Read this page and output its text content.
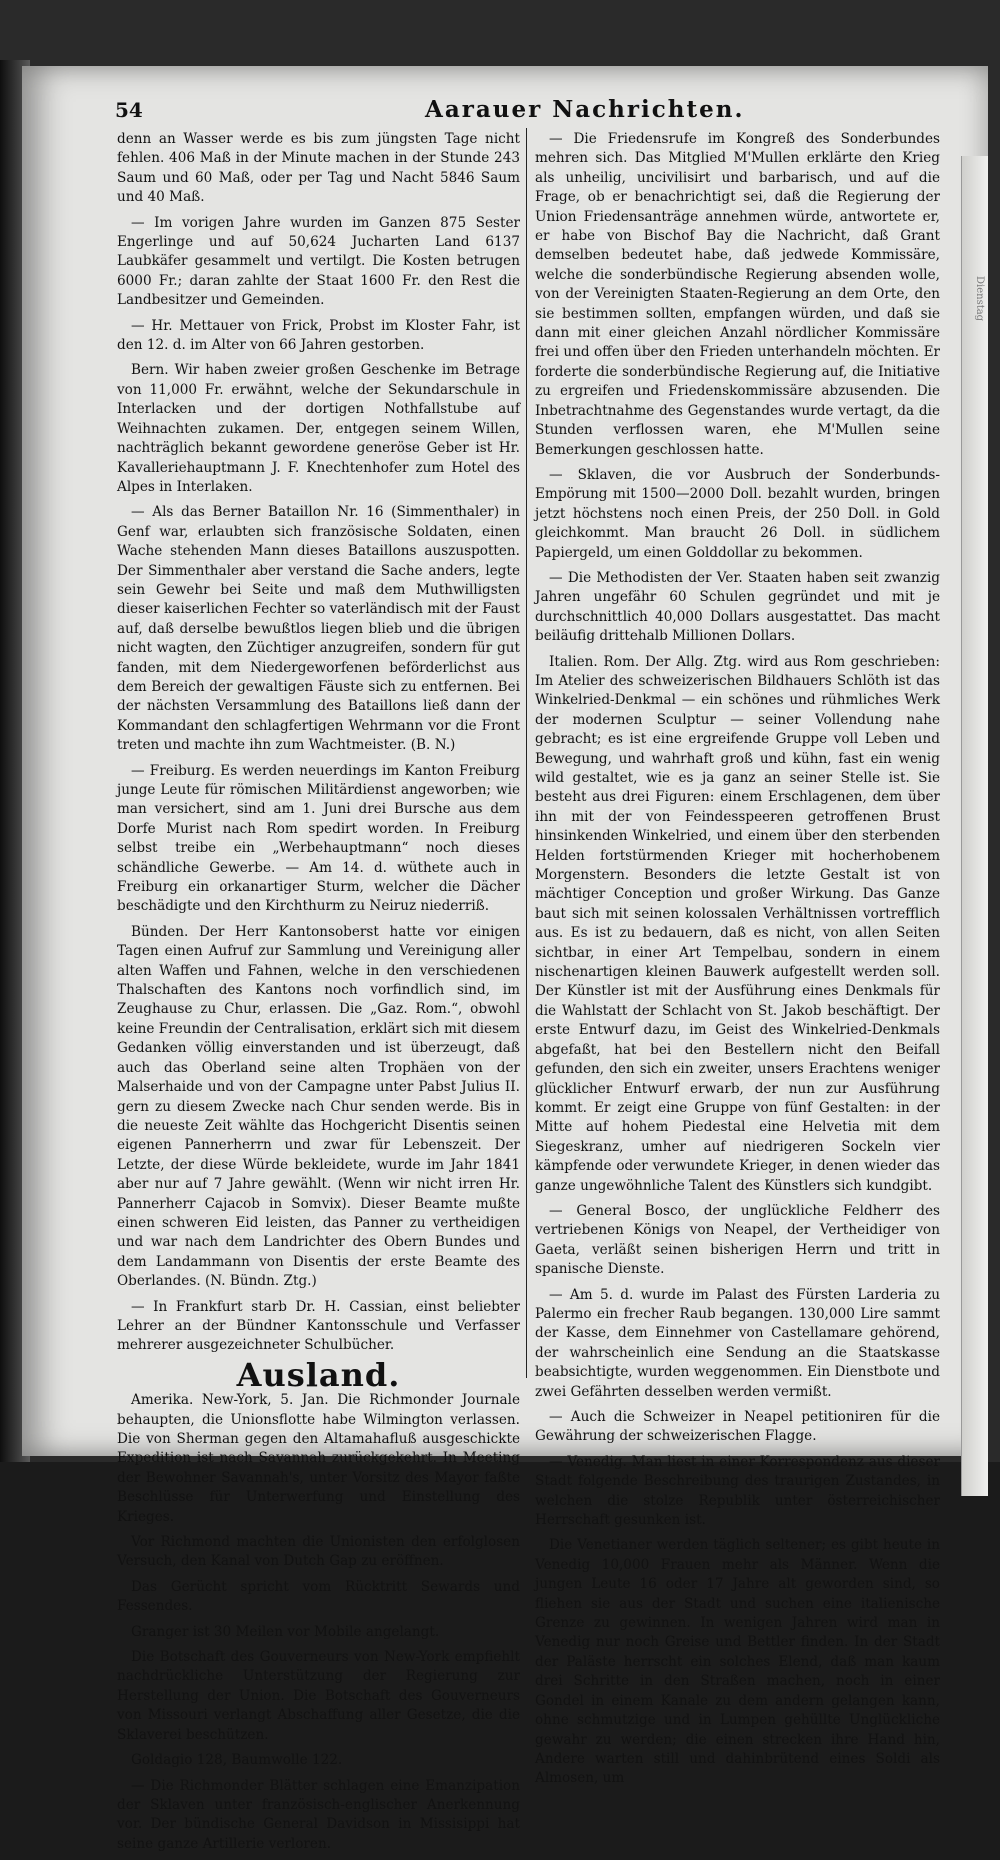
Dienstag
54	Aarauer Nachrichten.

denn an Wasser werde es bis zum jüngsten Tage nicht fehlen. 406 Maß in der Minute machen in der Stunde 243 Saum und 60 Maß, oder per Tag und Nacht 5846 Saum und 40 Maß.

— Im vorigen Jahre wurden im Ganzen 875 Sester Engerlinge und auf 50,624 Jucharten Land 6137 Laubkäfer gesammelt und vertilgt. Die Kosten betrugen 6000 Fr.; daran zahlte der Staat 1600 Fr. den Rest die Landbesitzer und Gemeinden.

— Hr. Mettauer von Frick, Probst im Kloster Fahr, ist den 12. d. im Alter von 66 Jahren gestorben.

Bern. Wir haben zweier großen Geschenke im Betrage von 11,000 Fr. erwähnt, welche der Sekundarschule in Interlacken und der dortigen Nothfallstube auf Weihnachten zukamen. Der, entgegen seinem Willen, nachträglich bekannt gewordene generöse Geber ist Hr. Kavalleriehauptmann J. F. Knechtenhofer zum Hotel des Alpes in Interlaken.

— Als das Berner Bataillon Nr. 16 (Simmenthaler) in Genf war, erlaubten sich französische Soldaten, einen Wache stehenden Mann dieses Bataillons auszuspotten. Der Simmenthaler aber verstand die Sache anders, legte sein Gewehr bei Seite und maß dem Muthwilligsten dieser kaiserlichen Fechter so vaterländisch mit der Faust auf, daß derselbe bewußtlos liegen blieb und die übrigen nicht wagten, den Züchtiger anzugreifen, sondern für gut fanden, mit dem Niedergeworfenen beförderlichst aus dem Bereich der gewaltigen Fäuste sich zu entfernen. Bei der nächsten Versammlung des Bataillons ließ dann der Kommandant den schlagfertigen Wehrmann vor die Front treten und machte ihn zum Wachtmeister. (B. N.)

— Freiburg. Es werden neuerdings im Kanton Freiburg junge Leute für römischen Militärdienst angeworben; wie man versichert, sind am 1. Juni drei Bursche aus dem Dorfe Murist nach Rom spedirt worden. In Freiburg selbst treibe ein „Werbehauptmann“ noch dieses schändliche Gewerbe. — Am 14. d. wüthete auch in Freiburg ein orkanartiger Sturm, welcher die Dächer beschädigte und den Kirchthurm zu Neiruz niederriß.

Bünden. Der Herr Kantonsoberst hatte vor einigen Tagen einen Aufruf zur Sammlung und Vereinigung aller alten Waffen und Fahnen, welche in den verschiedenen Thalschaften des Kantons noch vorfindlich sind, im Zeughause zu Chur, erlassen. Die „Gaz. Rom.“, obwohl keine Freundin der Centralisation, erklärt sich mit diesem Gedanken völlig einverstanden und ist überzeugt, daß auch das Oberland seine alten Trophäen von der Malserhaide und von der Campagne unter Pabst Julius II. gern zu diesem Zwecke nach Chur senden werde. Bis in die neueste Zeit wählte das Hochgericht Disentis seinen eigenen Pannerherrn und zwar für Lebenszeit. Der Letzte, der diese Würde bekleidete, wurde im Jahr 1841 aber nur auf 7 Jahre gewählt. (Wenn wir nicht irren Hr. Pannerherr Cajacob in Somvix). Dieser Beamte mußte einen schweren Eid leisten, das Panner zu vertheidigen und war nach dem Landrichter des Obern Bundes und dem Landammann von Disentis der erste Beamte des Oberlandes. (N. Bündn. Ztg.)

— In Frankfurt starb Dr. H. Cassian, einst beliebter Lehrer an der Bündner Kantonsschule und Verfasser mehrerer ausgezeichneter Schulbücher.

Ausland.

Amerika. New-York, 5. Jan. Die Richmonder Journale behaupten, die Unionsflotte habe Wilmington verlassen. Die von Sherman gegen den Altamahafluß ausgeschickte Expedition ist nach Savannah zurückgekehrt. In Meeting der Bewohner Savannah's, unter Vorsitz des Mayor faßte Beschlüsse für Unterwerfung und Einstellung des Krieges.

Vor Richmond machten die Unionisten den erfolglosen Versuch, den Kanal von Dutch Gap zu eröffnen.

Das Gerücht spricht vom Rücktritt Sewards und Fessendes.

Granger ist 30 Meilen vor Mobile angelangt.

Die Botschaft des Gouverneurs von New-York empfiehlt nachdrückliche Unterstützung der Regierung zur Herstellung der Union. Die Botschaft des Gouverneurs von Missouri verlangt Abschaffung aller Gesetze, die die Sklaverei beschützen.

Goldagio 128, Baumwolle 122.

— Die Richmonder Blätter schlagen eine Emanzipation der Sklaven unter französisch-englischer Anerkennung vor. Der bündische General Davidson in Missisippi hat seine ganze Artillerie verloren.

— Die Friedensrufe im Kongreß des Sonderbundes mehren sich. Das Mitglied M'Mullen erklärte den Krieg als unheilig, uncivilisirt und barbarisch, und auf die Frage, ob er benachrichtigt sei, daß die Regierung der Union Friedensanträge annehmen würde, antwortete er, er habe von Bischof Bay die Nachricht, daß Grant demselben bedeutet habe, daß jedwede Kommissäre, welche die sonderbündische Regierung absenden wolle, von der Vereinigten Staaten-Regierung an dem Orte, den sie bestimmen sollten, empfangen würden, und daß sie dann mit einer gleichen Anzahl nördlicher Kommissäre frei und offen über den Frieden unterhandeln möchten. Er forderte die sonderbündische Regierung auf, die Initiative zu ergreifen und Friedenskommissäre abzusenden. Die Inbetrachtnahme des Gegenstandes wurde vertagt, da die Stunden verflossen waren, ehe M'Mullen seine Bemerkungen geschlossen hatte.

— Sklaven, die vor Ausbruch der Sonderbunds-Empörung mit 1500—2000 Doll. bezahlt wurden, bringen jetzt höchstens noch einen Preis, der 250 Doll. in Gold gleichkommt. Man braucht 26 Doll. in südlichem Papiergeld, um einen Golddollar zu bekommen.

— Die Methodisten der Ver. Staaten haben seit zwanzig Jahren ungefähr 60 Schulen gegründet und mit je durchschnittlich 40,000 Dollars ausgestattet. Das macht beiläufig drittehalb Millionen Dollars.

Italien. Rom. Der Allg. Ztg. wird aus Rom geschrieben: Im Atelier des schweizerischen Bildhauers Schlöth ist das Winkelried-Denkmal — ein schönes und rühmliches Werk der modernen Sculptur — seiner Vollendung nahe gebracht; es ist eine ergreifende Gruppe voll Leben und Bewegung, und wahrhaft groß und kühn, fast ein wenig wild gestaltet, wie es ja ganz an seiner Stelle ist. Sie besteht aus drei Figuren: einem Erschlagenen, dem über ihn mit der von Feindesspeeren getroffenen Brust hinsinkenden Winkelried, und einem über den sterbenden Helden fortstürmenden Krieger mit hocherhobenem Morgenstern. Besonders die letzte Gestalt ist von mächtiger Conception und großer Wirkung. Das Ganze baut sich mit seinen kolossalen Verhältnissen vortrefflich aus. Es ist zu bedauern, daß es nicht, von allen Seiten sichtbar, in einer Art Tempelbau, sondern in einem nischenartigen kleinen Bauwerk aufgestellt werden soll. Der Künstler ist mit der Ausführung eines Denkmals für die Wahlstatt der Schlacht von St. Jakob beschäftigt. Der erste Entwurf dazu, im Geist des Winkelried-Denkmals abgefaßt, hat bei den Bestellern nicht den Beifall gefunden, den sich ein zweiter, unsers Erachtens weniger glücklicher Entwurf erwarb, der nun zur Ausführung kommt. Er zeigt eine Gruppe von fünf Gestalten: in der Mitte auf hohem Piedestal eine Helvetia mit dem Siegeskranz, umher auf niedrigeren Sockeln vier kämpfende oder verwundete Krieger, in denen wieder das ganze ungewöhnliche Talent des Künstlers sich kundgibt.

— General Bosco, der unglückliche Feldherr des vertriebenen Königs von Neapel, der Vertheidiger von Gaeta, verläßt seinen bisherigen Herrn und tritt in spanische Dienste.

— Am 5. d. wurde im Palast des Fürsten Larderia zu Palermo ein frecher Raub begangen. 130,000 Lire sammt der Kasse, dem Einnehmer von Castellamare gehörend, der wahrscheinlich eine Sendung an die Staatskasse beabsichtigte, wurden weggenommen. Ein Dienstbote und zwei Gefährten desselben werden vermißt.

— Auch die Schweizer in Neapel petitioniren für die Gewährung der schweizerischen Flagge.

— Venedig. Man liest in einer Korrespondenz aus dieser Stadt folgende Beschreibung des traurigen Zustandes, in welchen die stolze Republik unter österreichischer Herrschaft gesunken ist.

Die Venetianer werden täglich seltener; es gibt heute in Venedig 10,000 Frauen mehr als Männer. Wenn die jungen Leute 16 oder 17 Jahre alt geworden sind, so fliehen sie aus der Stadt und suchen eine italienische Grenze zu gewinnen. In wenigen Jahren wird man in Venedig nur noch Greise und Bettler finden. In der Stadt der Paläste herrscht ein solches Elend, daß man kaum drei Schritte in den Straßen machen, noch in einer Gondel in einem Kanale zu dem andern gelangen kann, ohne schmutzige und in Lumpen gehüllte Unglückliche gewahr zu werden; die einen strecken ihre Hand hin, Andere warten still und dahinbrütend eines Soldi als Almosen, um
